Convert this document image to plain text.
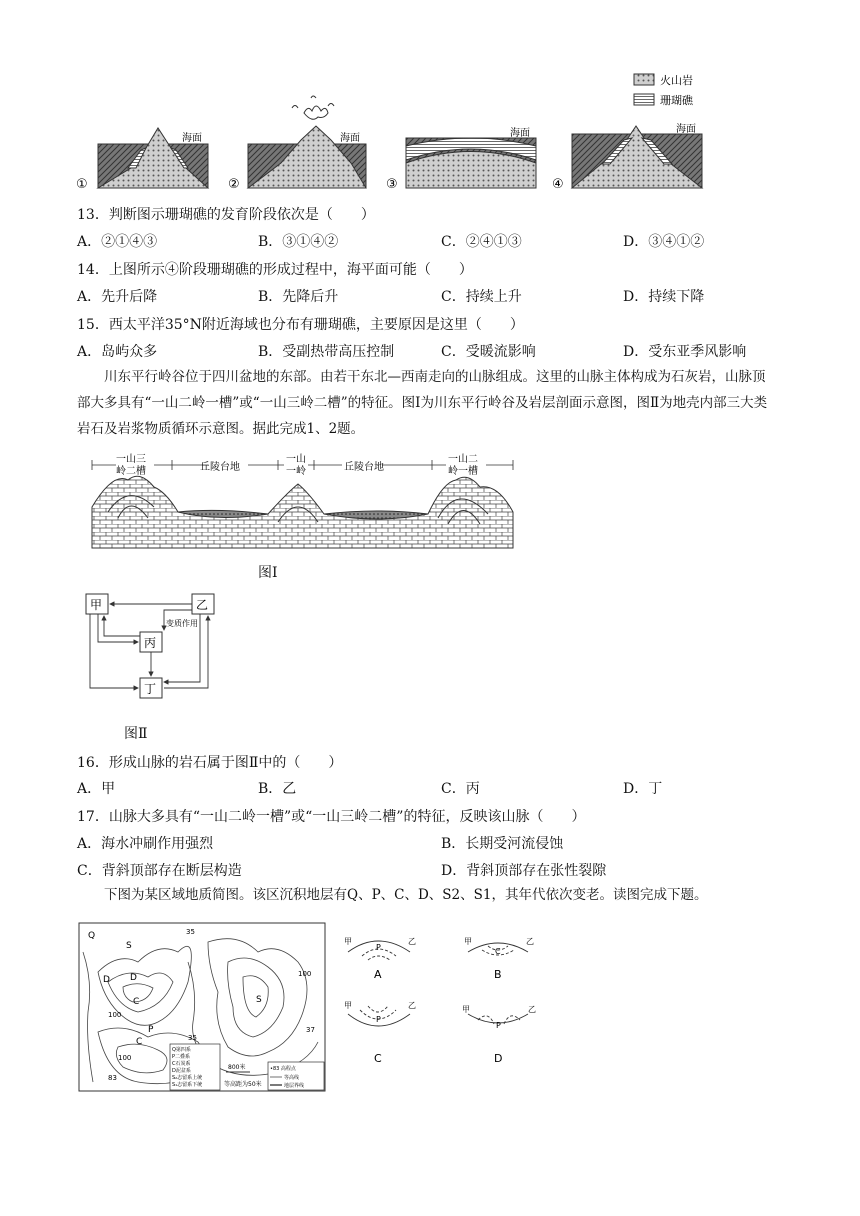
火山岩
珊瑚礁
海面
①
海面
②
海面
③
海面
④
13．判断图示珊瑚礁的发育阶段依次是（　　）
A．②①④③	B．③①④②	C．②④①③	D．③④①②
14．上图所示④阶段珊瑚礁的形成过程中，海平面可能（　　）
A．先升后降	B．先降后升	C．持续上升	D．持续下降
15．西太平洋35°N附近海域也分布有珊瑚礁，主要原因是这里（　　）
A．岛屿众多	B．受副热带高压控制	C．受暖流影响	D．受东亚季风影响
川东平行岭谷位于四川盆地的东部。由若干东北—西南走向的山脉组成。这里的山脉主体构成为石灰岩，山脉顶部大多具有“一山二岭一槽”或“一山三岭二槽”的特征。图Ⅰ为川东平行岭谷及岩层剖面示意图，图Ⅱ为地壳内部三大类岩石及岩浆物质循环示意图。据此完成1、2题。
一山三
岭二槽	丘陵台地
一山
一岭	丘陵台地
一山二
岭一槽
图Ⅰ
甲	乙
丙
丁
变质作用
图Ⅱ
16．形成山脉的岩石属于图Ⅱ中的（　　）
A．甲	B．乙	C．丙	D．丁
17．山脉大多具有“一山二岭一槽”或“一山三岭二槽”的特征，反映该山脉（　　）
A．海水冲刷作用强烈	B．长期受河流侵蚀
C．背斜顶部存在断层构造	D．背斜顶部存在张性裂隙
下图为某区域地质简图。该区沉积地层有Q、P、C、D、S2、S1，其年代依次变老。读图完成下题。
Q
S
D
C
P
S
C
D
100
35
100
35
83
100
37
Q第四系
P二叠系
C石炭系
D泥盆系
S₂志留系上统
S₁志留系下统
800米
等高距为50米
•83 高程点
等高线
地层界线
甲	乙
P
A
甲	乙
C
B
甲	乙
P
C
甲	乙
P
D
